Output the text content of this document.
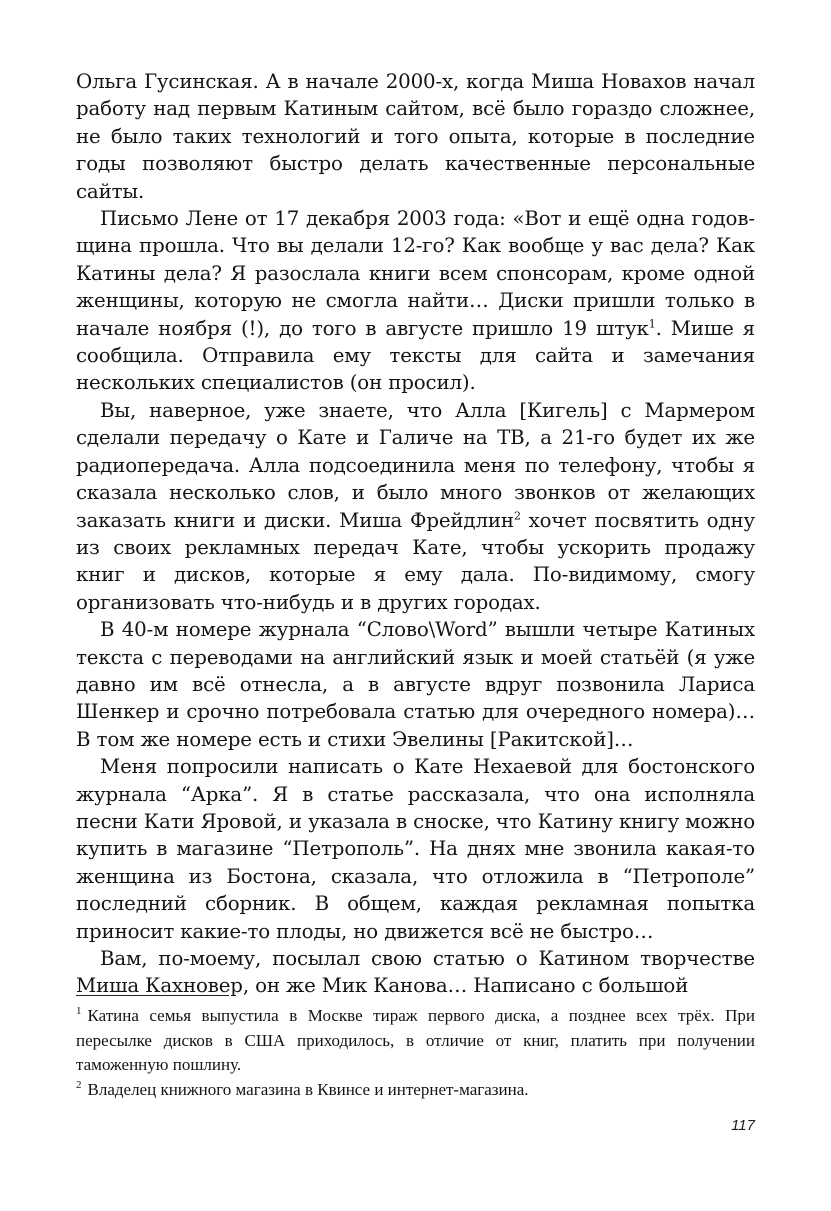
Ольга Гусинская. А в начале 2000-х, когда Миша Новахов начал работу над первым Катиным сайтом, всё было гораздо сложнее, не было таких технологий и того опыта, которые в последние годы позволяют быстро делать качественные персональные сайты.

Письмо Лене от 17 декабря 2003 года: «Вот и ещё одна годовщина прошла. Что вы делали 12-го? Как вообще у вас дела? Как Катины дела? Я разослала книги всем спонсорам, кроме одной женщины, которую не смогла найти… Диски пришли только в начале ноября (!), до того в августе пришло 19 штук$^1$. Мише я сообщила. Отправила ему тексты для сайта и замечания нескольких специалистов (он просил).

Вы, наверное, уже знаете, что Алла [Кигель] с Мармером сделали передачу о Кате и Галиче на ТВ, а 21-го будет их же радиопередача. Алла подсоединила меня по телефону, чтобы я сказала несколько слов, и было много звонков от желающих заказать книги и диски. Миша Фрейдлин$^2$ хочет посвятить одну из своих рекламных передач Кате, чтобы ускорить продажу книг и дисков, которые я ему дала. По-видимому, смогу организовать что-нибудь и в других городах.

В 40-м номере журнала “Слово\Word” вышли четыре Катиных текста с переводами на английский язык и моей статьёй (я уже давно им всё отнесла, а в августе вдруг позвонила Лариса Шенкер и срочно потребовала статью для очередного номера)… В том же номере есть и стихи Эвелины [Ракитской]…

Меня попросили написать о Кате Нехаевой для бостонского журнала “Арка”. Я в статье рассказала, что она исполняла песни Кати Яровой, и указала в сноске, что Катину книгу можно купить в магазине “Петрополь”. На днях мне звонила какая-то женщина из Бостона, сказала, что отложила в “Петрополе” последний сборник. В общем, каждая рекламная попытка приносит какие-то плоды, но движется всё не быстро…

Вам, по-моему, посылал свою статью о Катином творчестве Миша Кахновер, он же Мик Канова… Написано с большой

$^1$ Катина семья выпустила в Москве тираж первого диска, а позднее всех трёх. При пересылке дисков в США приходилось, в отличие от книг, платить при получении таможенную пошлину.

$^2$ Владелец книжного магазина в Квинсе и интернет-магазина.

117
